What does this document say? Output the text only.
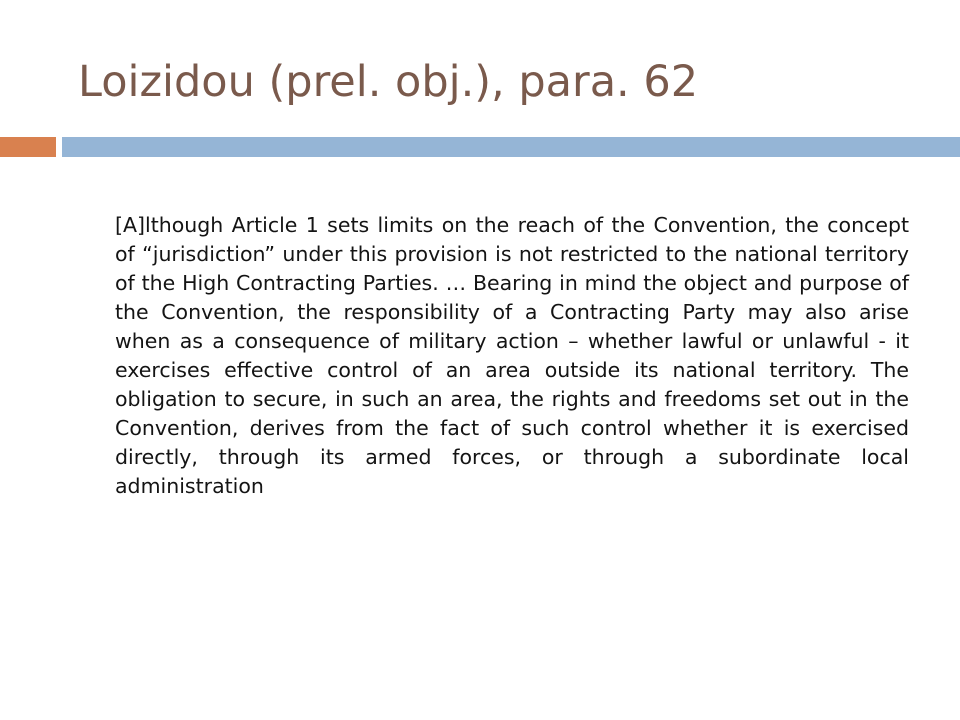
Loizidou (prel. obj.), para. 62

[A]lthough Article 1 sets limits on the reach of the Convention, the concept of “jurisdiction” under this provision is not restricted to the national territory of the High Contracting Parties. … Bearing in mind the object and purpose of the Convention, the responsibility of a Contracting Party may also arise when as a consequence of military action – whether lawful or unlawful - it exercises effective control of an area outside its national territory. The obligation to secure, in such an area, the rights and freedoms set out in the Convention, derives from the fact of such control whether it is exercised directly, through its armed forces, or through a subordinate local administration
